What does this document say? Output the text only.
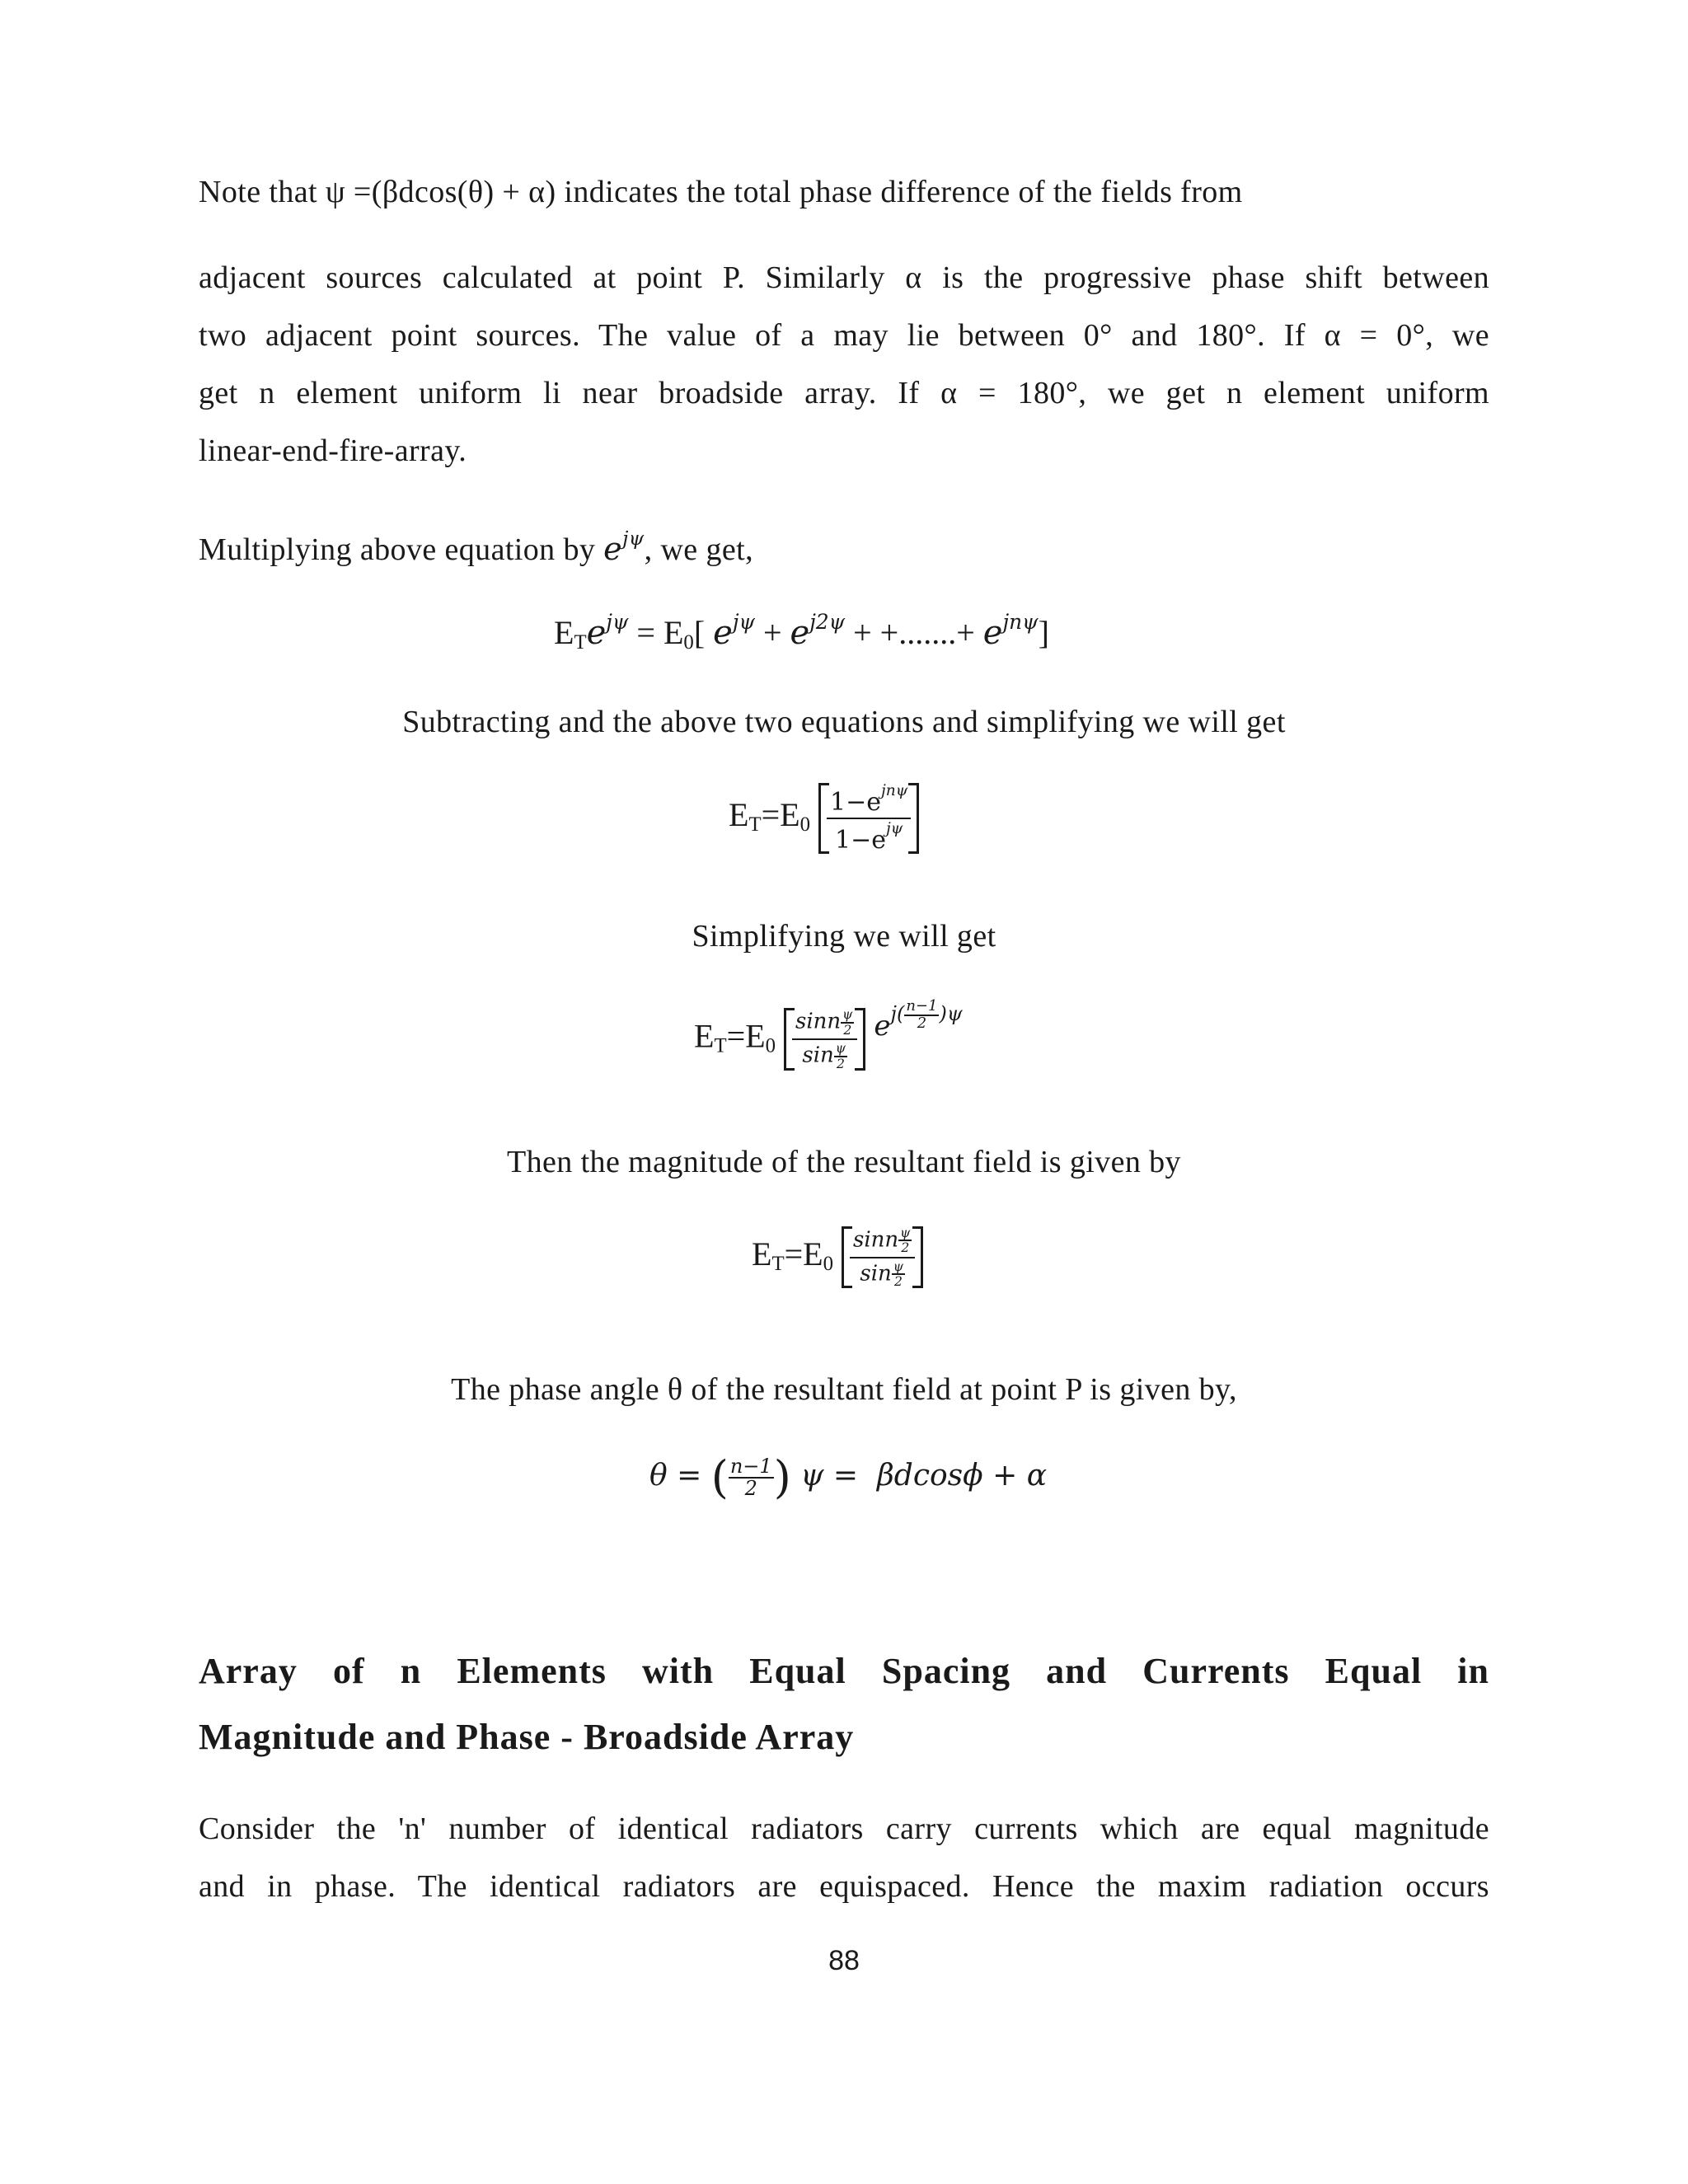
Note that ψ =(βdcos(θ) + α) indicates the total phase difference of the fields from
adjacent sources calculated at point P. Similarly α is the progressive phase shift between
two adjacent point sources. The value of a may lie between 0° and 180°. If α = 0°, we
get n element uniform li near broadside array. If α = 180°, we get n element uniform
linear-end-fire-array.
Multiplying above equation by $e^{j\psi}$, we get,
$E_Te^{j\psi} = E_0$[ $e^{j\psi} + e^{j2\psi}$ + +.......+ $e^{jn\psi}$]
Subtracting and the above two equations and simplifying we will get
$E_T=E_0 \frac{1-e^{jn\psi}}{1-e^{j\psi}}$
Simplifying we will get
$E_T=E_0 \frac{\sin n \frac{\psi}{2}}{\sin \frac{\psi}{2}} ^{e^{j( \frac{n-1}{2} )\psi}}$
Then the magnitude of the resultant field is given by
$E_T=E_0 \frac{\sin n \frac{\psi}{2}}{\sin \frac{\psi}{2}}$
The phase angle θ of the resultant field at point P is given by,
θ = ( $\frac{n-1}{2}$ ) ψ = βdcosϕ + α
Array of n Elements with Equal Spacing and Currents Equal in
Magnitude and Phase - Broadside Array
Consider the 'n' number of identical radiators carry currents which are equal magnitude
and in phase. The identical radiators are equispaced. Hence the maxim radiation occurs
88
